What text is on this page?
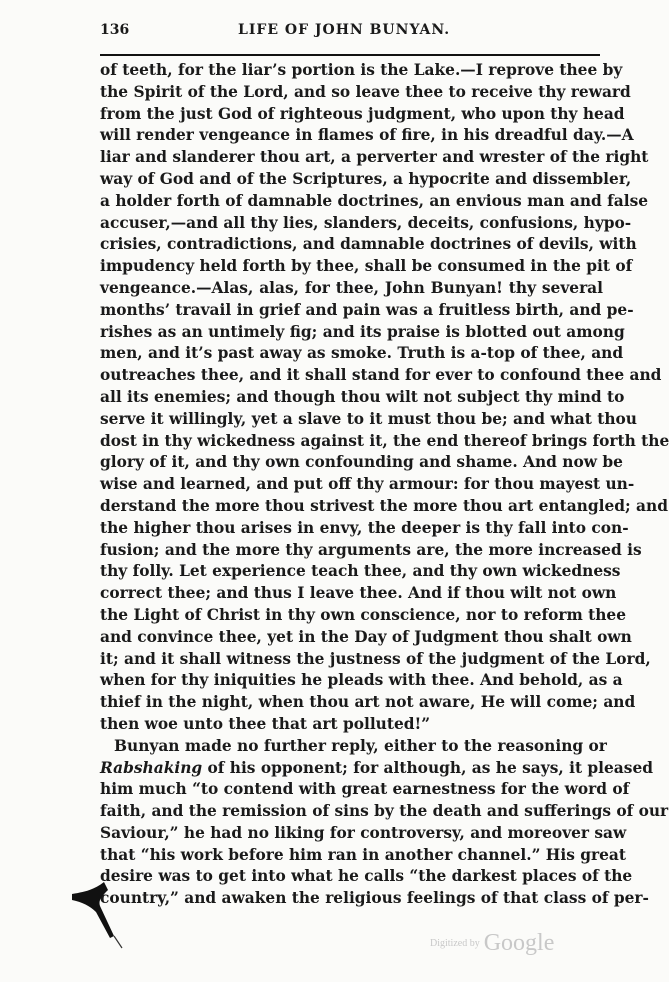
136	LIFE OF JOHN BUNYAN.
of teeth, for the liar’s portion is the Lake.—I reprove thee by
the Spirit of the Lord, and so leave thee to receive thy reward
from the just God of righteous judgment, who upon thy head
will render vengeance in flames of fire, in his dreadful day.—A
liar and slanderer thou art, a perverter and wrester of the right
way of God and of the Scriptures, a hypocrite and dissembler,
a holder forth of damnable doctrines, an envious man and false
accuser,—and all thy lies, slanders, deceits, confusions, hypo-
crisies, contradictions, and damnable doctrines of devils, with
impudency held forth by thee, shall be consumed in the pit of
vengeance.—Alas, alas, for thee, John Bunyan! thy several
months’ travail in grief and pain was a fruitless birth, and pe-
rishes as an untimely fig; and its praise is blotted out among
men, and it’s past away as smoke. Truth is a-top of thee, and
outreaches thee, and it shall stand for ever to confound thee and
all its enemies; and though thou wilt not subject thy mind to
serve it willingly, yet a slave to it must thou be; and what thou
dost in thy wickedness against it, the end thereof brings forth the
glory of it, and thy own confounding and shame. And now be
wise and learned, and put off thy armour: for thou mayest un-
derstand the more thou strivest the more thou art entangled; and
the higher thou arises in envy, the deeper is thy fall into con-
fusion; and the more thy arguments are, the more increased is
thy folly. Let experience teach thee, and thy own wickedness
correct thee; and thus I leave thee. And if thou wilt not own
the Light of Christ in thy own conscience, nor to reform thee
and convince thee, yet in the Day of Judgment thou shalt own
it; and it shall witness the justness of the judgment of the Lord,
when for thy iniquities he pleads with thee. And behold, as a
thief in the night, when thou art not aware, He will come; and
then woe unto thee that art polluted!”
Bunyan made no further reply, either to the reasoning or
Rabshaking of his opponent; for although, as he says, it pleased
him much “to contend with great earnestness for the word of
faith, and the remission of sins by the death and sufferings of our
Saviour,” he had no liking for controversy, and moreover saw
that “his work before him ran in another channel.” His great
desire was to get into what he calls “the darkest places of the
country,” and awaken the religious feelings of that class of per-
Digitized by Google
